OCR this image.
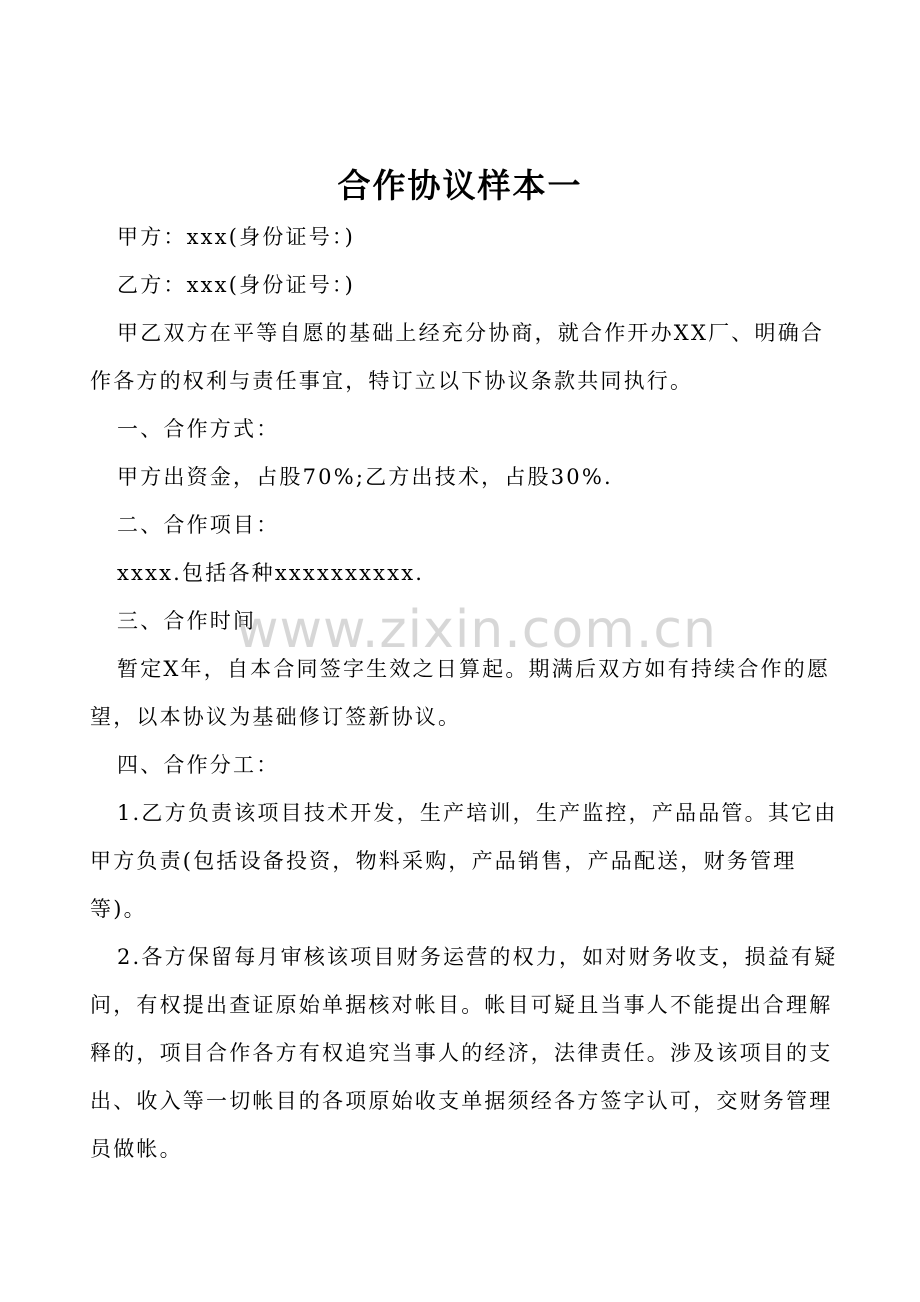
合作协议样本一
甲方：xxx(身份证号：)
乙方：xxx(身份证号：)
甲乙双方在平等自愿的基础上经充分协商，就合作开办XX厂、明确合
作各方的权利与责任事宜，特订立以下协议条款共同执行。
一、合作方式：
甲方出资金，占股70%;乙方出技术，占股30%.
二、合作项目：
xxxx.包括各种xxxxxxxxxx.
三、合作时间
暂定X年，自本合同签字生效之日算起。期满后双方如有持续合作的愿
望，以本协议为基础修订签新协议。
四、合作分工：
1.乙方负责该项目技术开发，生产培训，生产监控，产品品管。其它由
甲方负责(包括设备投资，物料采购，产品销售，产品配送，财务管理
等)。
2.各方保留每月审核该项目财务运营的权力，如对财务收支，损益有疑
问，有权提出查证原始单据核对帐目。帐目可疑且当事人不能提出合理解
释的，项目合作各方有权追究当事人的经济，法律责任。涉及该项目的支
出、收入等一切帐目的各项原始收支单据须经各方签字认可，交财务管理
员做帐。
www.zixin.com.cn
